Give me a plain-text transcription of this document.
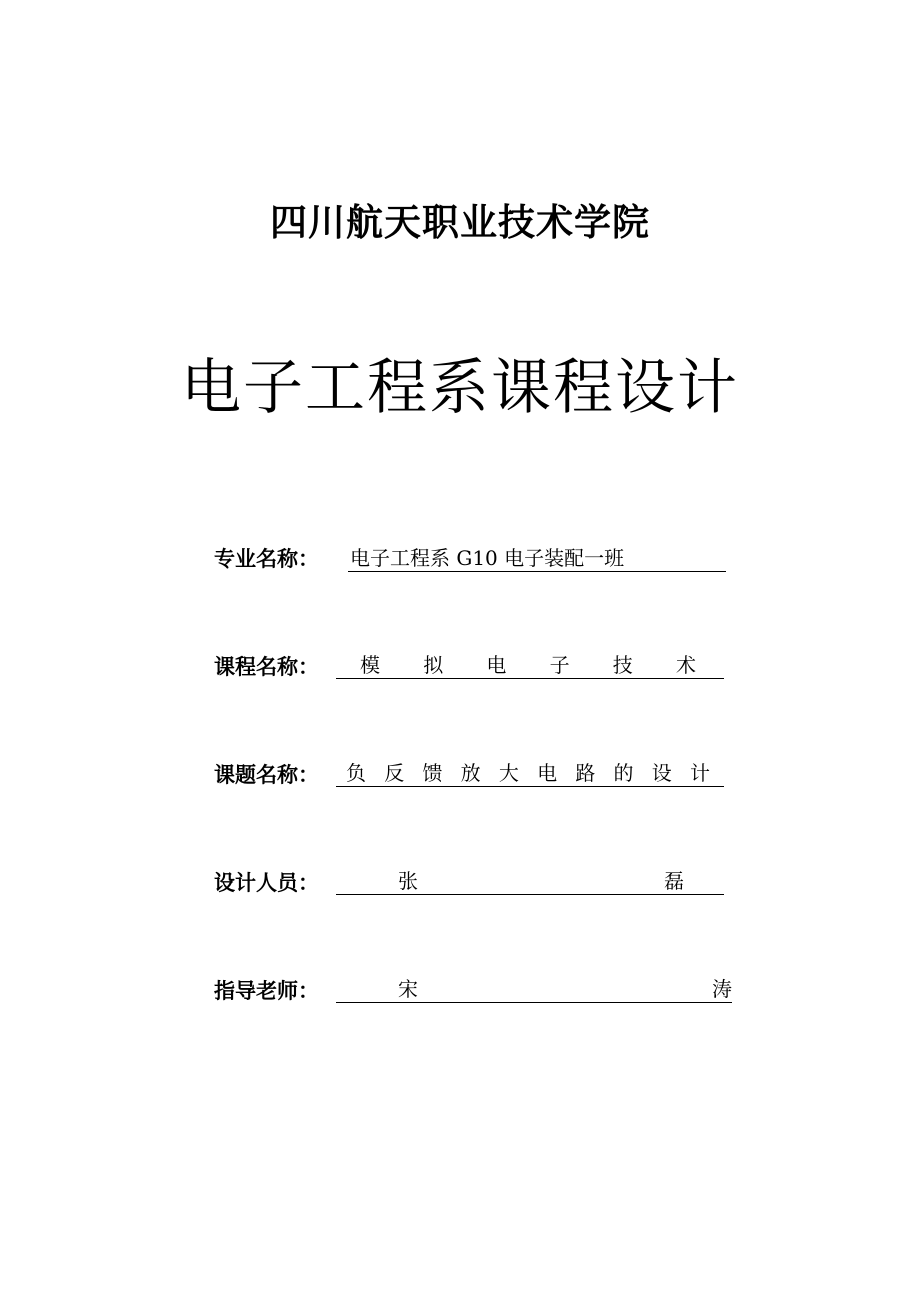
四川航天职业技术学院
电子工程系课程设计
专业名称： 电子工程系 G10 电子装配一班
课程名称： 模 拟 电 子 技 术
课题名称： 负 反 馈 放 大 电 路 的 设 计
设计人员：	张	磊
指导老师：	宋	涛
